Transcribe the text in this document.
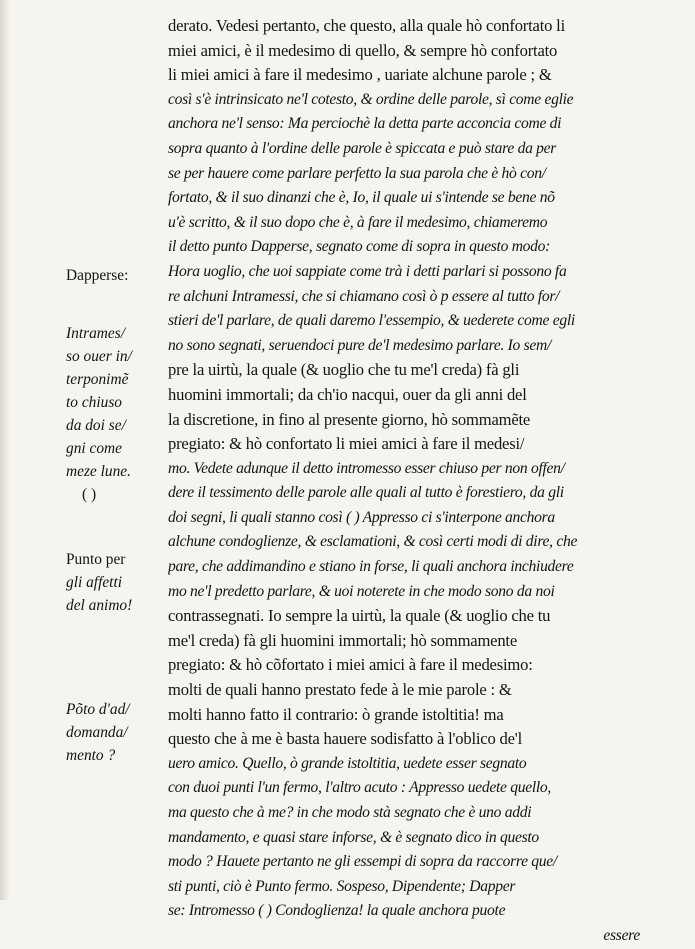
Dapperse:
Intrames/
so ouer in/
terponimẽ
to chiuso
da doi se/
gni come
meze lune.
( )
Punto per
gli affetti
del animo!
Põto d'ad/
domanda/
mento ?
derato. Vedesi pertanto, che questo, alla quale hò confortato li
miei amici, è il medesimo di quello, & sempre hò confortato
li miei amici à fare il medesimo , uariate alchune parole ; &
così s'è intrinsicato ne'l cotesto, & ordine delle parole, sì come eglie
anchora ne'l senso: Ma perciochè la detta parte acconcia come di
sopra quanto à l'ordine delle parole è spiccata e può stare da per
se per hauere come parlare perfetto la sua parola che è hò con/
fortato, & il suo dinanzi che è, Io, il quale ui s'intende se bene nõ
u'è scritto, & il suo dopo che è, à fare il medesimo, chiameremo
il detto punto Dapperse, segnato come di sopra in questo modo:
Hora uoglio, che uoi sappiate come trà i detti parlari si possono fa
re alchuni Intramessi, che si chiamano così ò p essere al tutto for/
stieri de'l parlare, de quali daremo l'essempio, & uederete come egli
no sono segnati, seruendoci pure de'l medesimo parlare. Io sem/
pre la uirtù, la quale (& uoglio che tu me'l creda) fà gli
huomini immortali; da ch'io nacqui, ouer da gli anni del
la discretione, in fino al presente giorno, hò sommamẽte
pregiato: & hò confortato li miei amici à fare il medesi/
mo. Vedete adunque il detto intromesso esser chiuso per non offen/
dere il tessimento delle parole alle quali al tutto è forestiero, da gli
doi segni, li quali stanno così ( ) Appresso ci s'interpone anchora
alchune condoglienze, & esclamationi, & così certi modi di dire, che
pare, che addimandino e stiano in forse, li quali anchora inchiudere
mo ne'l predetto parlare, & uoi noterete in che modo sono da noi
contrassegnati. Io sempre la uirtù, la quale (& uoglio che tu
me'l creda) fà gli huomini immortali; hò sommamente
pregiato: & hò cõfortato i miei amici à fare il medesimo:
molti de quali hanno prestato fede à le mie parole : &
molti hanno fatto il contrario: ò grande istoltitia! ma
questo che à me è basta hauere sodisfatto à l'oblico de'l
uero amico. Quello, ò grande istoltitia, uedete esser segnato
con duoi punti l'un fermo, l'altro acuto : Appresso uedete quello,
ma questo che à me? in che modo stà segnato che è uno addi
mandamento, e quasi stare inforse, & è segnato dico in questo
modo ? Hauete pertanto ne gli essempi di sopra da raccorre que/
sti punti, ciò è Punto fermo. Sospeso, Dipendente; Dapper
se: Intromesso ( ) Condoglienza! la quale anchora puote
essere
